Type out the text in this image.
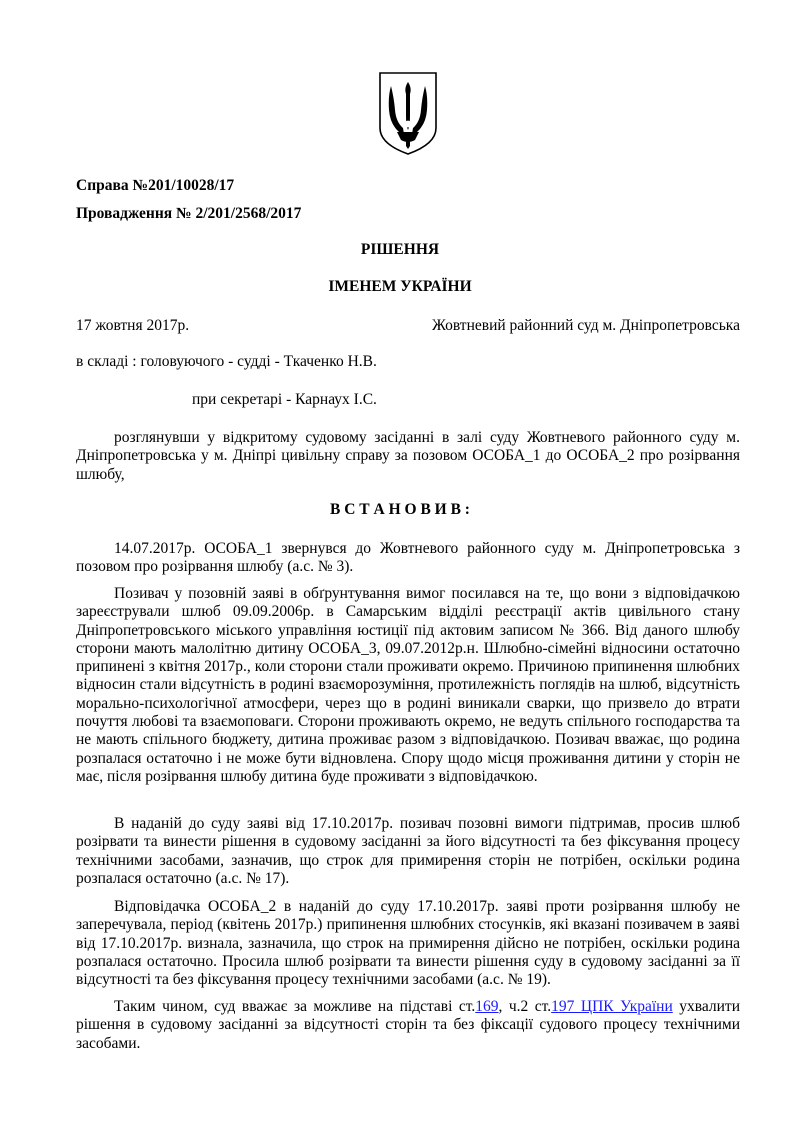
Справа №201/10028/17
Провадження № 2/201/2568/2017
РІШЕННЯ
ІМЕНЕМ УКРАЇНИ
17 жовтня 2017р.	Жовтневий районний суд м. Дніпропетровська
в складі : головуючого - судді - Ткаченко Н.В.
при секретарі - Карнаух І.С.
розглянувши у відкритому судовому засіданні в залі суду Жовтневого районного суду м. Дніпропетровська у м. Дніпрі цивільну справу за позовом ОСОБА_1 до ОСОБА_2 про розірвання шлюбу,
В С Т А Н О В И В :
14.07.2017р. ОСОБА_1 звернувся до Жовтневого районного суду м. Дніпропетровська з позовом про розірвання шлюбу (а.с. № 3).
Позивач у позовній заяві в обґрунтування вимог посилався на те, що вони з відповідачкою зареєстрували шлюб 09.09.2006р. в Самарським відділі реєстрації актів цивільного стану Дніпропетровського міського управління юстиції під актовим записом № 366. Від даного шлюбу сторони мають малолітню дитину ОСОБА_3, 09.07.2012р.н. Шлюбно-сімейні відносини остаточно припинені з квітня 2017р., коли сторони стали проживати окремо. Причиною припинення шлюбних відносин стали відсутність в родині взаєморозуміння, протилежність поглядів на шлюб, відсутність морально-психологічної атмосфери, через що в родині виникали сварки, що призвело до втрати почуття любові та взаємоповаги. Сторони проживають окремо, не ведуть спільного господарства та не мають спільного бюджету, дитина проживає разом з відповідачкою. Позивач вважає, що родина розпалася остаточно і не може бути відновлена. Спору щодо місця проживання дитини у сторін не має, після розірвання шлюбу дитина буде проживати з відповідачкою.
В наданій до суду заяві від 17.10.2017р. позивач позовні вимоги підтримав, просив шлюб розірвати та винести рішення в судовому засіданні за його відсутності та без фіксування процесу технічними засобами, зазначив, що строк для примирення сторін не потрібен, оскільки родина розпалася остаточно (а.с. № 17).
Відповідачка ОСОБА_2 в наданій до суду 17.10.2017р. заяві проти розірвання шлюбу не заперечувала, період (квітень 2017р.) припинення шлюбних стосунків, які вказані позивачем в заяві від 17.10.2017р. визнала, зазначила, що строк на примирення дійсно не потрібен, оскільки родина розпалася остаточно. Просила шлюб розірвати та винести рішення суду в судовому засіданні за її відсутності та без фіксування процесу технічними засобами (а.с. № 19).
Таким чином, суд вважає за можливе на підставі ст.169, ч.2 ст.197 ЦПК України ухвалити рішення в судовому засіданні за відсутності сторін та без фіксації судового процесу технічними засобами.
